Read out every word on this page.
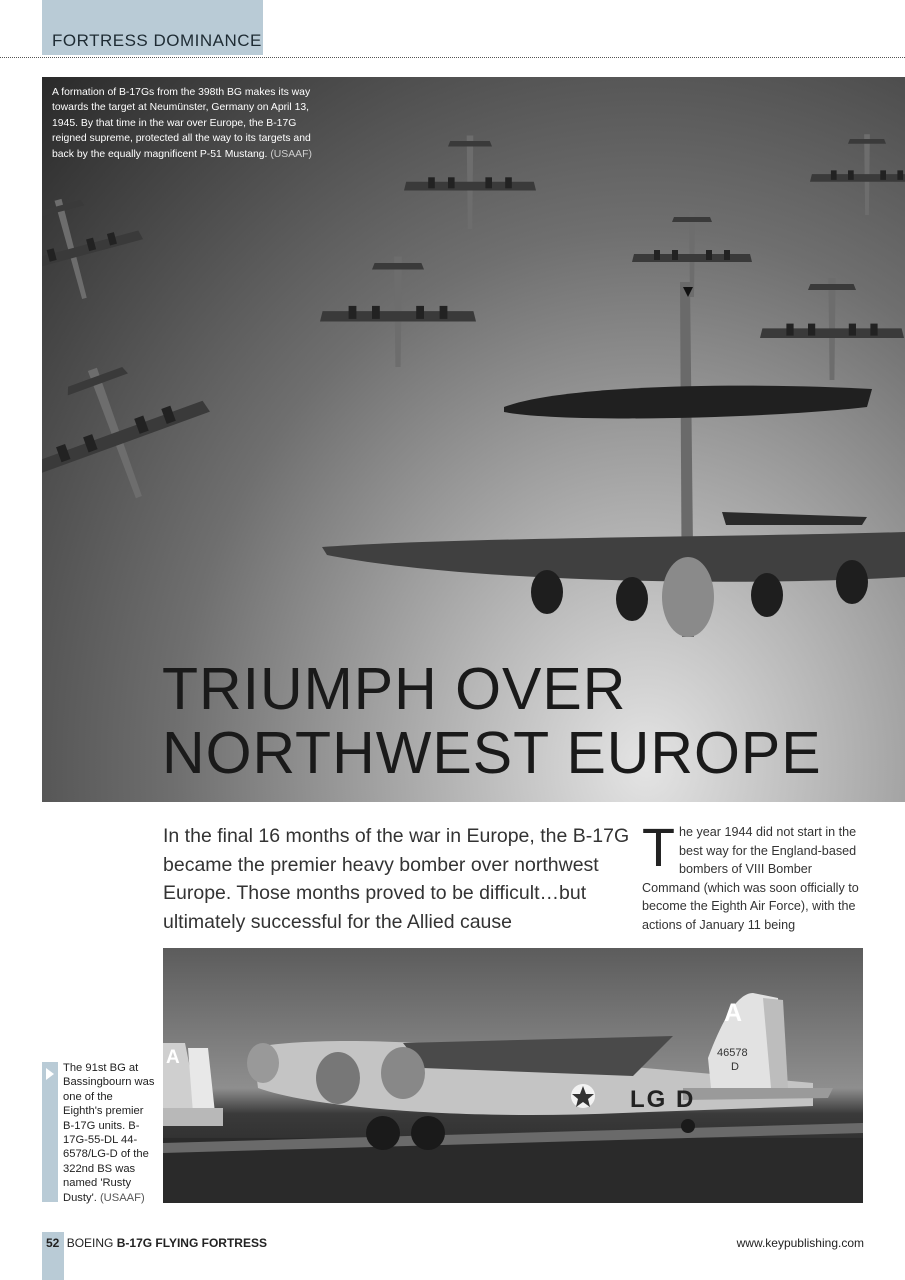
FORTRESS DOMINANCE
A formation of B-17Gs from the 398th BG makes its way towards the target at Neumünster, Germany on April 13, 1945. By that time in the war over Europe, the B-17G reigned supreme, protected all the way to its targets and back by the equally magnificent P-51 Mustang. (USAAF)
TRIUMPH OVER
NORTHWEST EUROPE
In the final 16 months of the war in Europe, the B-17G became the premier heavy bomber over northwest Europe. Those months proved to be difficult…but ultimately successful for the Allied cause
T he year 1944 did not start in the best way for the England-based bombers of VIII Bomber Command (which was soon officially to become the Eighth Air Force), with the actions of January 11 being
A
46578
D
LG D
A
The 91st BG at Bassingbourn was one of the Eighth's premier B-17G units. B-17G-55-DL 44-6578/LG-D of the 322nd BS was named 'Rusty Dusty'. (USAAF)
52 BOEING B-17G FLYING FORTRESS	www.keypublishing.com
